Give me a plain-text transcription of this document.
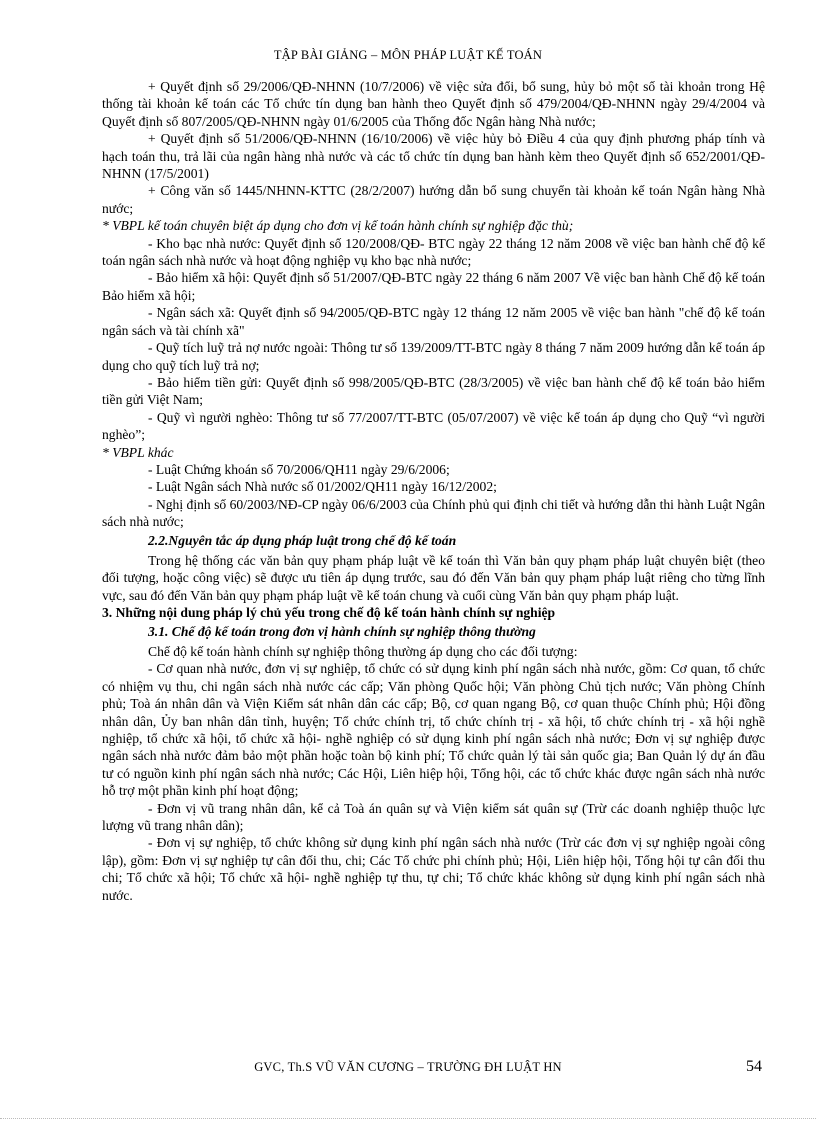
TẬP BÀI GIẢNG – MÔN PHÁP LUẬT KẾ TOÁN

+ Quyết định số 29/2006/QĐ-NHNN (10/7/2006) về việc sửa đổi, bổ sung, hủy bỏ một số tài khoản trong Hệ thống tài khoản kế toán các Tổ chức tín dụng ban hành theo Quyết định số 479/2004/QĐ-NHNN ngày 29/4/2004 và Quyết định số 807/2005/QĐ-NHNN ngày 01/6/2005 của Thống đốc Ngân hàng Nhà nước;

+ Quyết định số 51/2006/QĐ-NHNN (16/10/2006) về việc hủy bỏ Điều 4 của quy định phương pháp tính và hạch toán thu, trả lãi của ngân hàng nhà nước và các tổ chức tín dụng ban hành kèm theo Quyết định số 652/2001/QĐ-NHNN (17/5/2001)

+ Công văn số 1445/NHNN-KTTC (28/2/2007) hướng dẫn bổ sung chuyển tài khoản kế toán Ngân hàng Nhà nước;

* VBPL kế toán chuyên biệt áp dụng cho đơn vị kế toán hành chính sự nghiệp đặc thù;

- Kho bạc nhà nước: Quyết định số 120/2008/QĐ- BTC ngày 22 tháng 12 năm 2008 về việc ban hành chế độ kế toán ngân sách nhà nước và hoạt động nghiệp vụ kho bạc nhà nước;

- Bảo hiểm xã hội: Quyết định số 51/2007/QĐ-BTC ngày 22 tháng 6 năm 2007 Về việc ban hành Chế độ kế toán Bảo hiểm xã hội;

- Ngân sách xã: Quyết định số 94/2005/QĐ-BTC ngày 12 tháng 12 năm 2005 về việc ban hành "chế độ kế toán ngân sách và tài chính xã"

- Quỹ tích luỹ trả nợ nước ngoài: Thông tư số 139/2009/TT-BTC ngày 8 tháng 7 năm 2009 hướng dẫn kế toán áp dụng cho quỹ tích luỹ trả nợ;

- Bảo hiểm tiền gửi: Quyết định số 998/2005/QĐ-BTC (28/3/2005) về việc ban hành chế độ kế toán bảo hiểm tiền gửi Việt Nam;

- Quỹ vì người nghèo: Thông tư số 77/2007/TT-BTC (05/07/2007) về việc kế toán áp dụng cho Quỹ “vì người nghèo”;

* VBPL khác

- Luật Chứng khoán số 70/2006/QH11 ngày 29/6/2006;

- Luật Ngân sách Nhà nước số 01/2002/QH11 ngày 16/12/2002;

- Nghị định số 60/2003/NĐ-CP ngày 06/6/2003 của Chính phủ qui định chi tiết và hướng dẫn thi hành Luật Ngân sách nhà nước;

2.2.Nguyên tắc áp dụng pháp luật trong chế độ kế toán

Trong hệ thống các văn bản quy phạm pháp luật về kế toán thì Văn bản quy phạm pháp luật chuyên biệt (theo đối tượng, hoặc công việc) sẽ được ưu tiên áp dụng trước, sau đó đến Văn bản quy phạm pháp luật riêng cho từng lĩnh vực, sau đó đến Văn bản quy phạm pháp luật về kế toán chung và cuối cùng Văn bản quy phạm pháp luật.

3. Những nội dung pháp lý chủ yếu trong chế độ kế toán hành chính sự nghiệp

3.1. Chế độ kế toán trong đơn vị hành chính sự nghiệp thông thường

Chế độ kế toán hành chính sự nghiệp thông thường áp dụng cho các đối tượng:

- Cơ quan nhà nước, đơn vị sự nghiệp, tổ chức có sử dụng kinh phí ngân sách nhà nước, gồm: Cơ quan, tổ chức có nhiệm vụ thu, chi ngân sách nhà nước các cấp; Văn phòng Quốc hội; Văn phòng Chủ tịch nước; Văn phòng Chính phủ; Toà án nhân dân và Viện Kiểm sát nhân dân các cấp; Bộ, cơ quan ngang Bộ, cơ quan thuộc Chính phủ; Hội đồng nhân dân, Ủy ban nhân dân tỉnh, huyện; Tổ chức chính trị, tổ chức chính trị - xã hội, tổ chức chính trị - xã hội nghề nghiệp, tổ chức xã hội, tổ chức xã hội- nghề nghiệp có sử dụng kinh phí ngân sách nhà nước; Đơn vị sự nghiệp được ngân sách nhà nước đảm bảo một phần hoặc toàn bộ kinh phí; Tổ chức quản lý tài sản quốc gia; Ban Quản lý dự án đầu tư có nguồn kinh phí ngân sách nhà nước; Các Hội, Liên hiệp hội, Tổng hội, các tổ chức khác được ngân sách nhà nước hỗ trợ một phần kinh phí hoạt động;

- Đơn vị vũ trang nhân dân, kể cả Toà án quân sự và Viện kiểm sát quân sự (Trừ các doanh nghiệp thuộc lực lượng vũ trang nhân dân);

- Đơn vị sự nghiệp, tổ chức không sử dụng kinh phí ngân sách nhà nước (Trừ các đơn vị sự nghiệp ngoài công lập), gồm: Đơn vị sự nghiệp tự cân đối thu, chi; Các Tổ chức phi chính phủ; Hội, Liên hiệp hội, Tổng hội tự cân đối thu chi; Tổ chức xã hội; Tổ chức xã hội- nghề nghiệp tự thu, tự chi; Tổ chức khác không sử dụng kinh phí ngân sách nhà nước.

GVC, Th.S VŨ VĂN CƯƠNG – TRƯỜNG ĐH LUẬT HN	54
